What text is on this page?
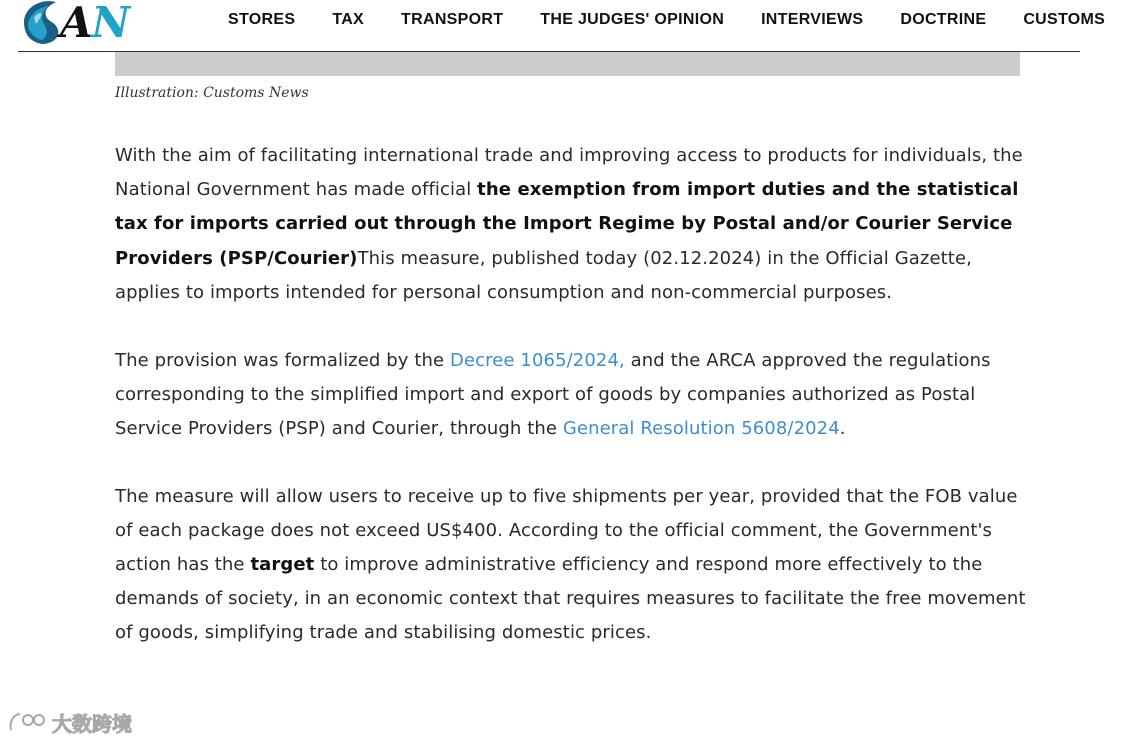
AN	STORES TAX TRANSPORT THE JUDGES' OPINION INTERVIEWS DOCTRINE CUSTOMS
Illustration: Customs News

With the aim of facilitating international trade and improving access to products for individuals, the National Government has made official the exemption from import duties and the statistical tax for imports carried out through the Import Regime by Postal and/or Courier Service Providers (PSP/Courier)This measure, published today (02.12.2024) in the Official Gazette, applies to imports intended for personal consumption and non-commercial purposes.

The provision was formalized by the Decree 1065/2024, and the ARCA approved the regulations corresponding to the simplified import and export of goods by companies authorized as Postal Service Providers (PSP) and Courier, through the General Resolution 5608/2024.

The measure will allow users to receive up to five shipments per year, provided that the FOB value of each package does not exceed US$400. According to the official comment, the Government's action has the target to improve administrative efficiency and respond more effectively to the demands of society, in an economic context that requires measures to facilitate the free movement of goods, simplifying trade and stabilising domestic prices.

大数跨境
